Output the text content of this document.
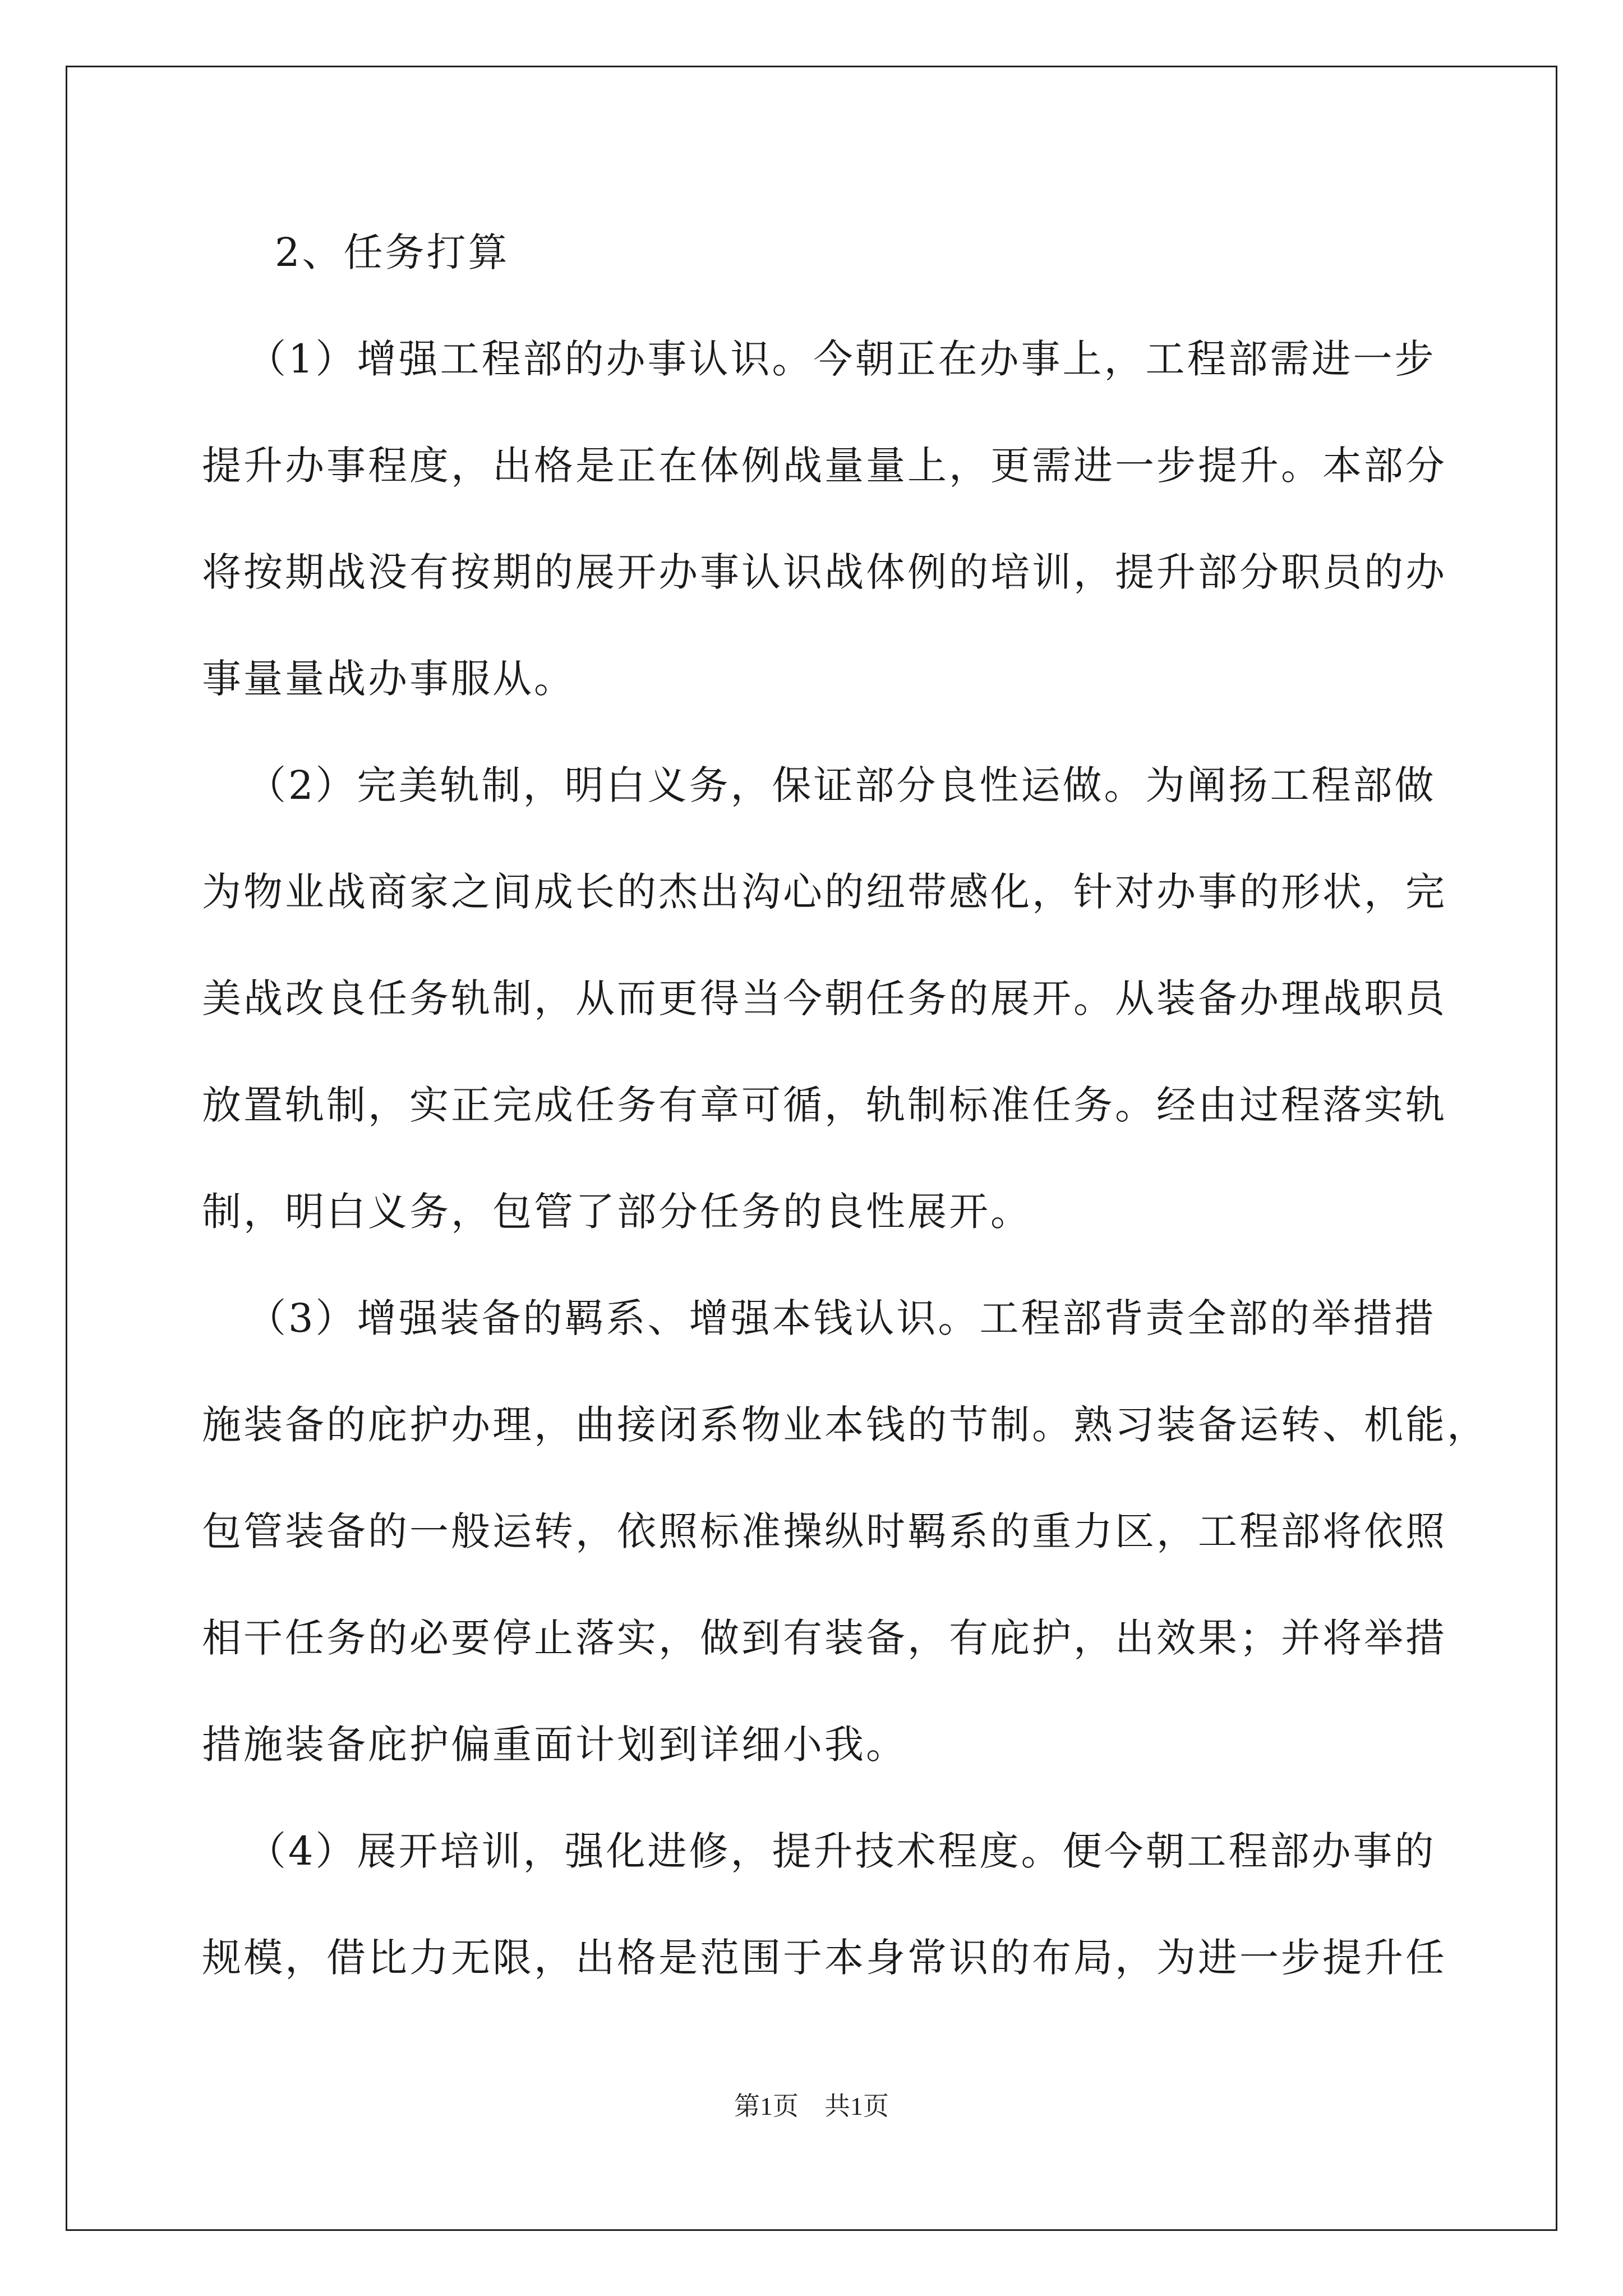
2、任务打算
（1）增强工程部的办事认识。今朝正在办事上，工程部需进一步
提升办事程度，出格是正在体例战量量上，更需进一步提升。本部分
将按期战没有按期的展开办事认识战体例的培训，提升部分职员的办
事量量战办事服从。
（2）完美轨制，明白义务，保证部分良性运做。为阐扬工程部做
为物业战商家之间成长的杰出沟心的纽带感化，针对办事的形状，完
美战改良任务轨制，从而更得当今朝任务的展开。从装备办理战职员
放置轨制，实正完成任务有章可循，轨制标准任务。经由过程落实轨
制，明白义务，包管了部分任务的良性展开。
（3）增强装备的羁系、增强本钱认识。工程部背责全部的举措措
施装备的庇护办理，曲接闭系物业本钱的节制。熟习装备运转、机能，
包管装备的一般运转，依照标准操纵时羁系的重力区，工程部将依照
相干任务的必要停止落实，做到有装备，有庇护，出效果；并将举措
措施装备庇护偏重面计划到详细小我。
（4）展开培训，强化进修，提升技术程度。便今朝工程部办事的
规模，借比力无限，出格是范围于本身常识的布局，为进一步提升任
第1页　共1页
